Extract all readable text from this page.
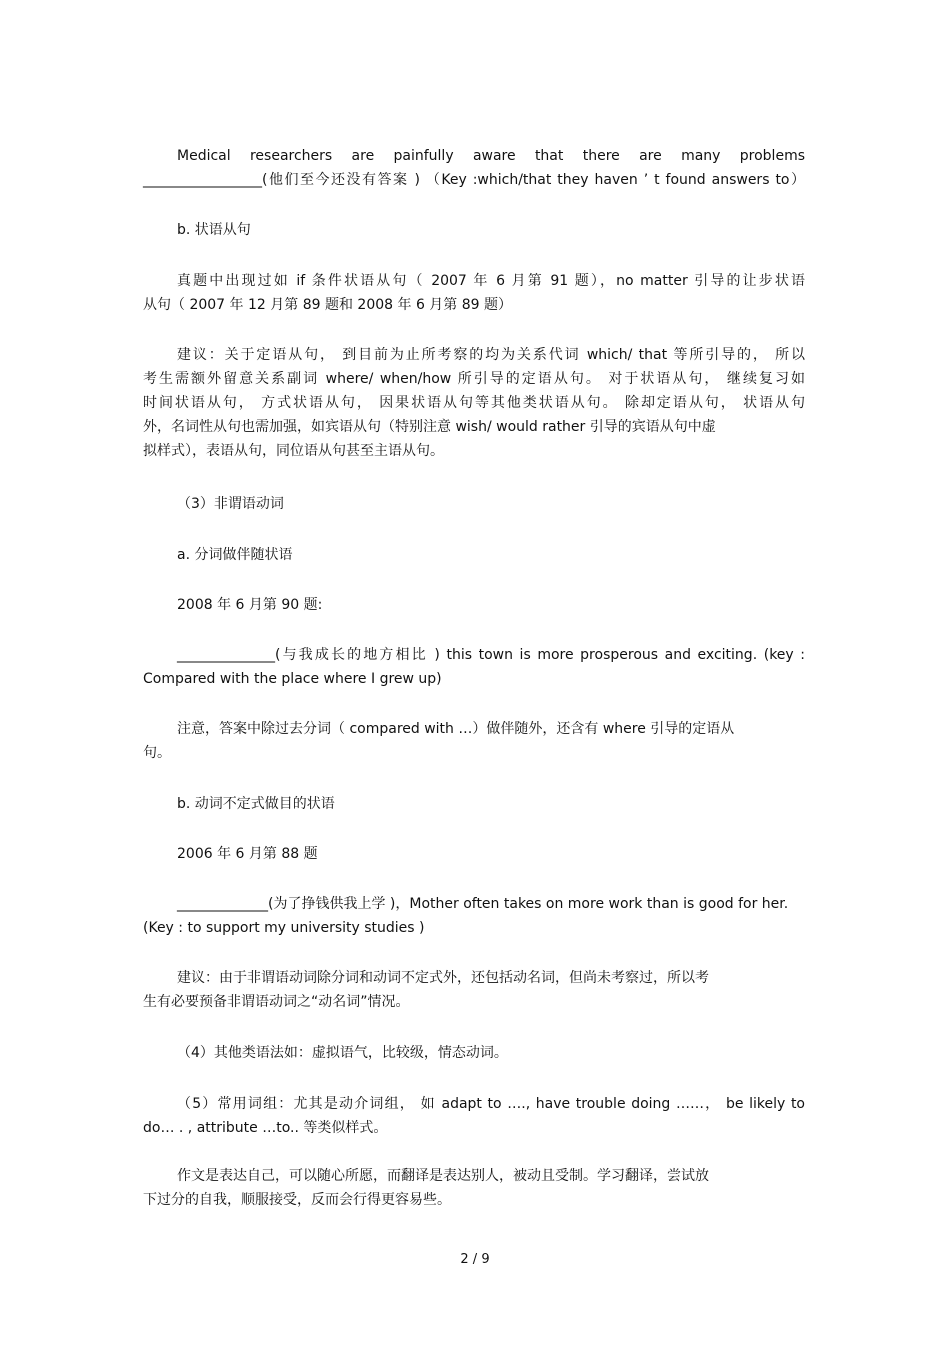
Medical researchers are painfully aware that there are many problems
_________________(他们至今还没有答案 ) （Key :which/that they haven ’ t found answers to）
b. 状语从句
真题中出现过如 if 条件状语从句（ 2007 年 6 月第 91 题），no matter 引导的让步状语
从句（ 2007 年 12 月第 89 题和 2008 年 6 月第 89 题）
建议：关于定语从句， 到目前为止所考察的均为关系代词 which/ that 等所引导的， 所以
考生需额外留意关系副词 where/ when/how 所引导的定语从句。 对于状语从句， 继续复习如
时间状语从句， 方式状语从句， 因果状语从句等其他类状语从句。 除却定语从句， 状语从句
外，名词性从句也需加强，如宾语从句（特别注意 wish/ would rather 引导的宾语从句中虚
拟样式），表语从句，同位语从句甚至主语从句。
（3）非谓语动词
a. 分词做伴随状语
2008 年 6 月第 90 题:
______________(与我成长的地方相比 ) this town is more prosperous and exciting. (key :
Compared with the place where I grew up)
注意，答案中除过去分词（ compared with …）做伴随外，还含有 where 引导的定语从
句。
b. 动词不定式做目的状语
2006 年 6 月第 88 题
_____________(为了挣钱供我上学 )，Mother often takes on more work than is good for her.
(Key : to support my university studies )
建议：由于非谓语动词除分词和动词不定式外，还包括动名词，但尚未考察过，所以考
生有必要预备非谓语动词之“动名词”情况。
（4）其他类语法如：虚拟语气，比较级，情态动词。
（5）常用词组：尤其是动介词组， 如 adapt to …., have trouble doing ……， be likely to
do… . , attribute …to.. 等类似样式。
作文是表达自己，可以随心所愿，而翻译是表达别人，被动且受制。学习翻译，尝试放
下过分的自我，顺服接受，反而会行得更容易些。
2 / 9
